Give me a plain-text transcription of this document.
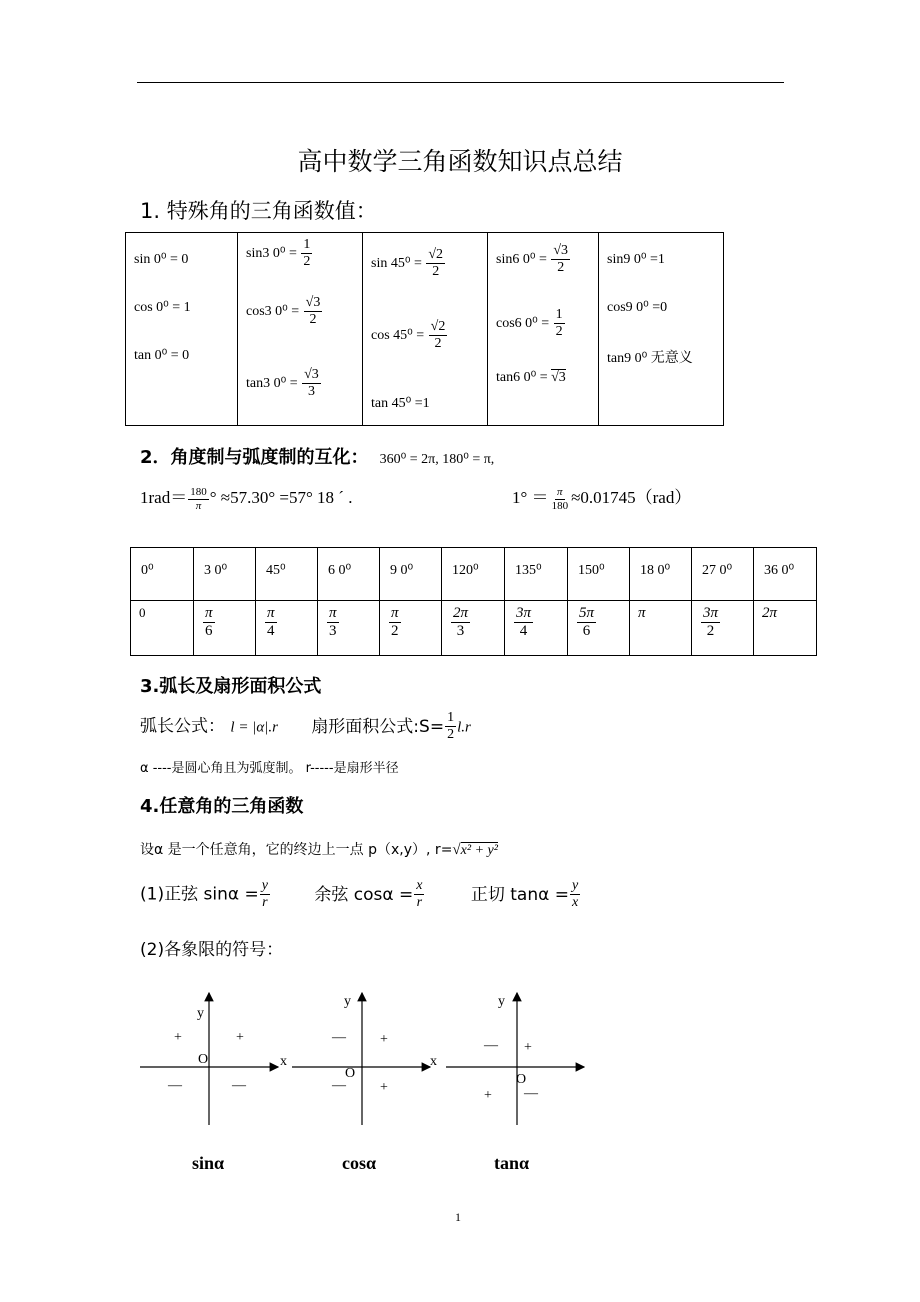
高中数学三角函数知识点总结
1. 特殊角的三角函数值：
sin 0⁰ = 0
cos 0⁰ = 1
tan 0⁰ = 0

sin3 $0^0 = \frac{1}{2}$
cos3 $0^0 = \frac{√3}{2}$
tan3 $0^0 = \frac{√3}{3}$

$\sin 45^0 = \frac{√2}{2}$
$\cos 45^0 = \frac{√2}{2}$
tan 45⁰ =1

sin6 $0^0 = \frac{√3}{2}$
cos6 $0^0 = \frac{1}{2}$
tan6 0⁰ = √3

sin9 0⁰ =1
cos9 0⁰ =0
tan9 0⁰ 无意义
2．角度制与弧度制的互化： 360⁰ = 2π, 180⁰ = π,
$1rad= \frac{180}{\pi}$ ° ≈57.30° =57° 18 ´ .	$1^\circ = \frac{\pi}{180} \approx 0.01745(rad)$
0⁰	3 0⁰	45⁰	6 0⁰	9 0⁰	120⁰	135⁰	150⁰	18 0⁰	27 0⁰	36 0⁰

0	$\frac{\pi}{6}$	$\frac{\pi}{4}$	$\frac{\pi}{3}$	$\frac{\pi}{2}$	$\frac{2\pi}{3}$	$\frac{3\pi}{4}$	$\frac{5\pi}{6}$	π	$\frac{3\pi}{2}$	2π
3.弧长及扇形面积公式
弧长公式： l = |α|.r 扇形面积公式:S= $\frac{1}{2} l.r$
α ----是圆心角且为弧度制。 r-----是扇形半径
4.任意角的三角函数
设α 是一个任意角，它的终边上一点 p（x,y）, r=√x² + y²
(1)正弦 $\sin\alpha = \frac{y}{r}$	余弦 $\cos\alpha = \frac{x}{r}$	正切 $\tan\alpha = \frac{y}{x}$
(2)各象限的符号：
x
y
O
+	+
—	—
x
y
O
— +
— +
y
O
— +
+ —
sinα	cosα	tanα
1
